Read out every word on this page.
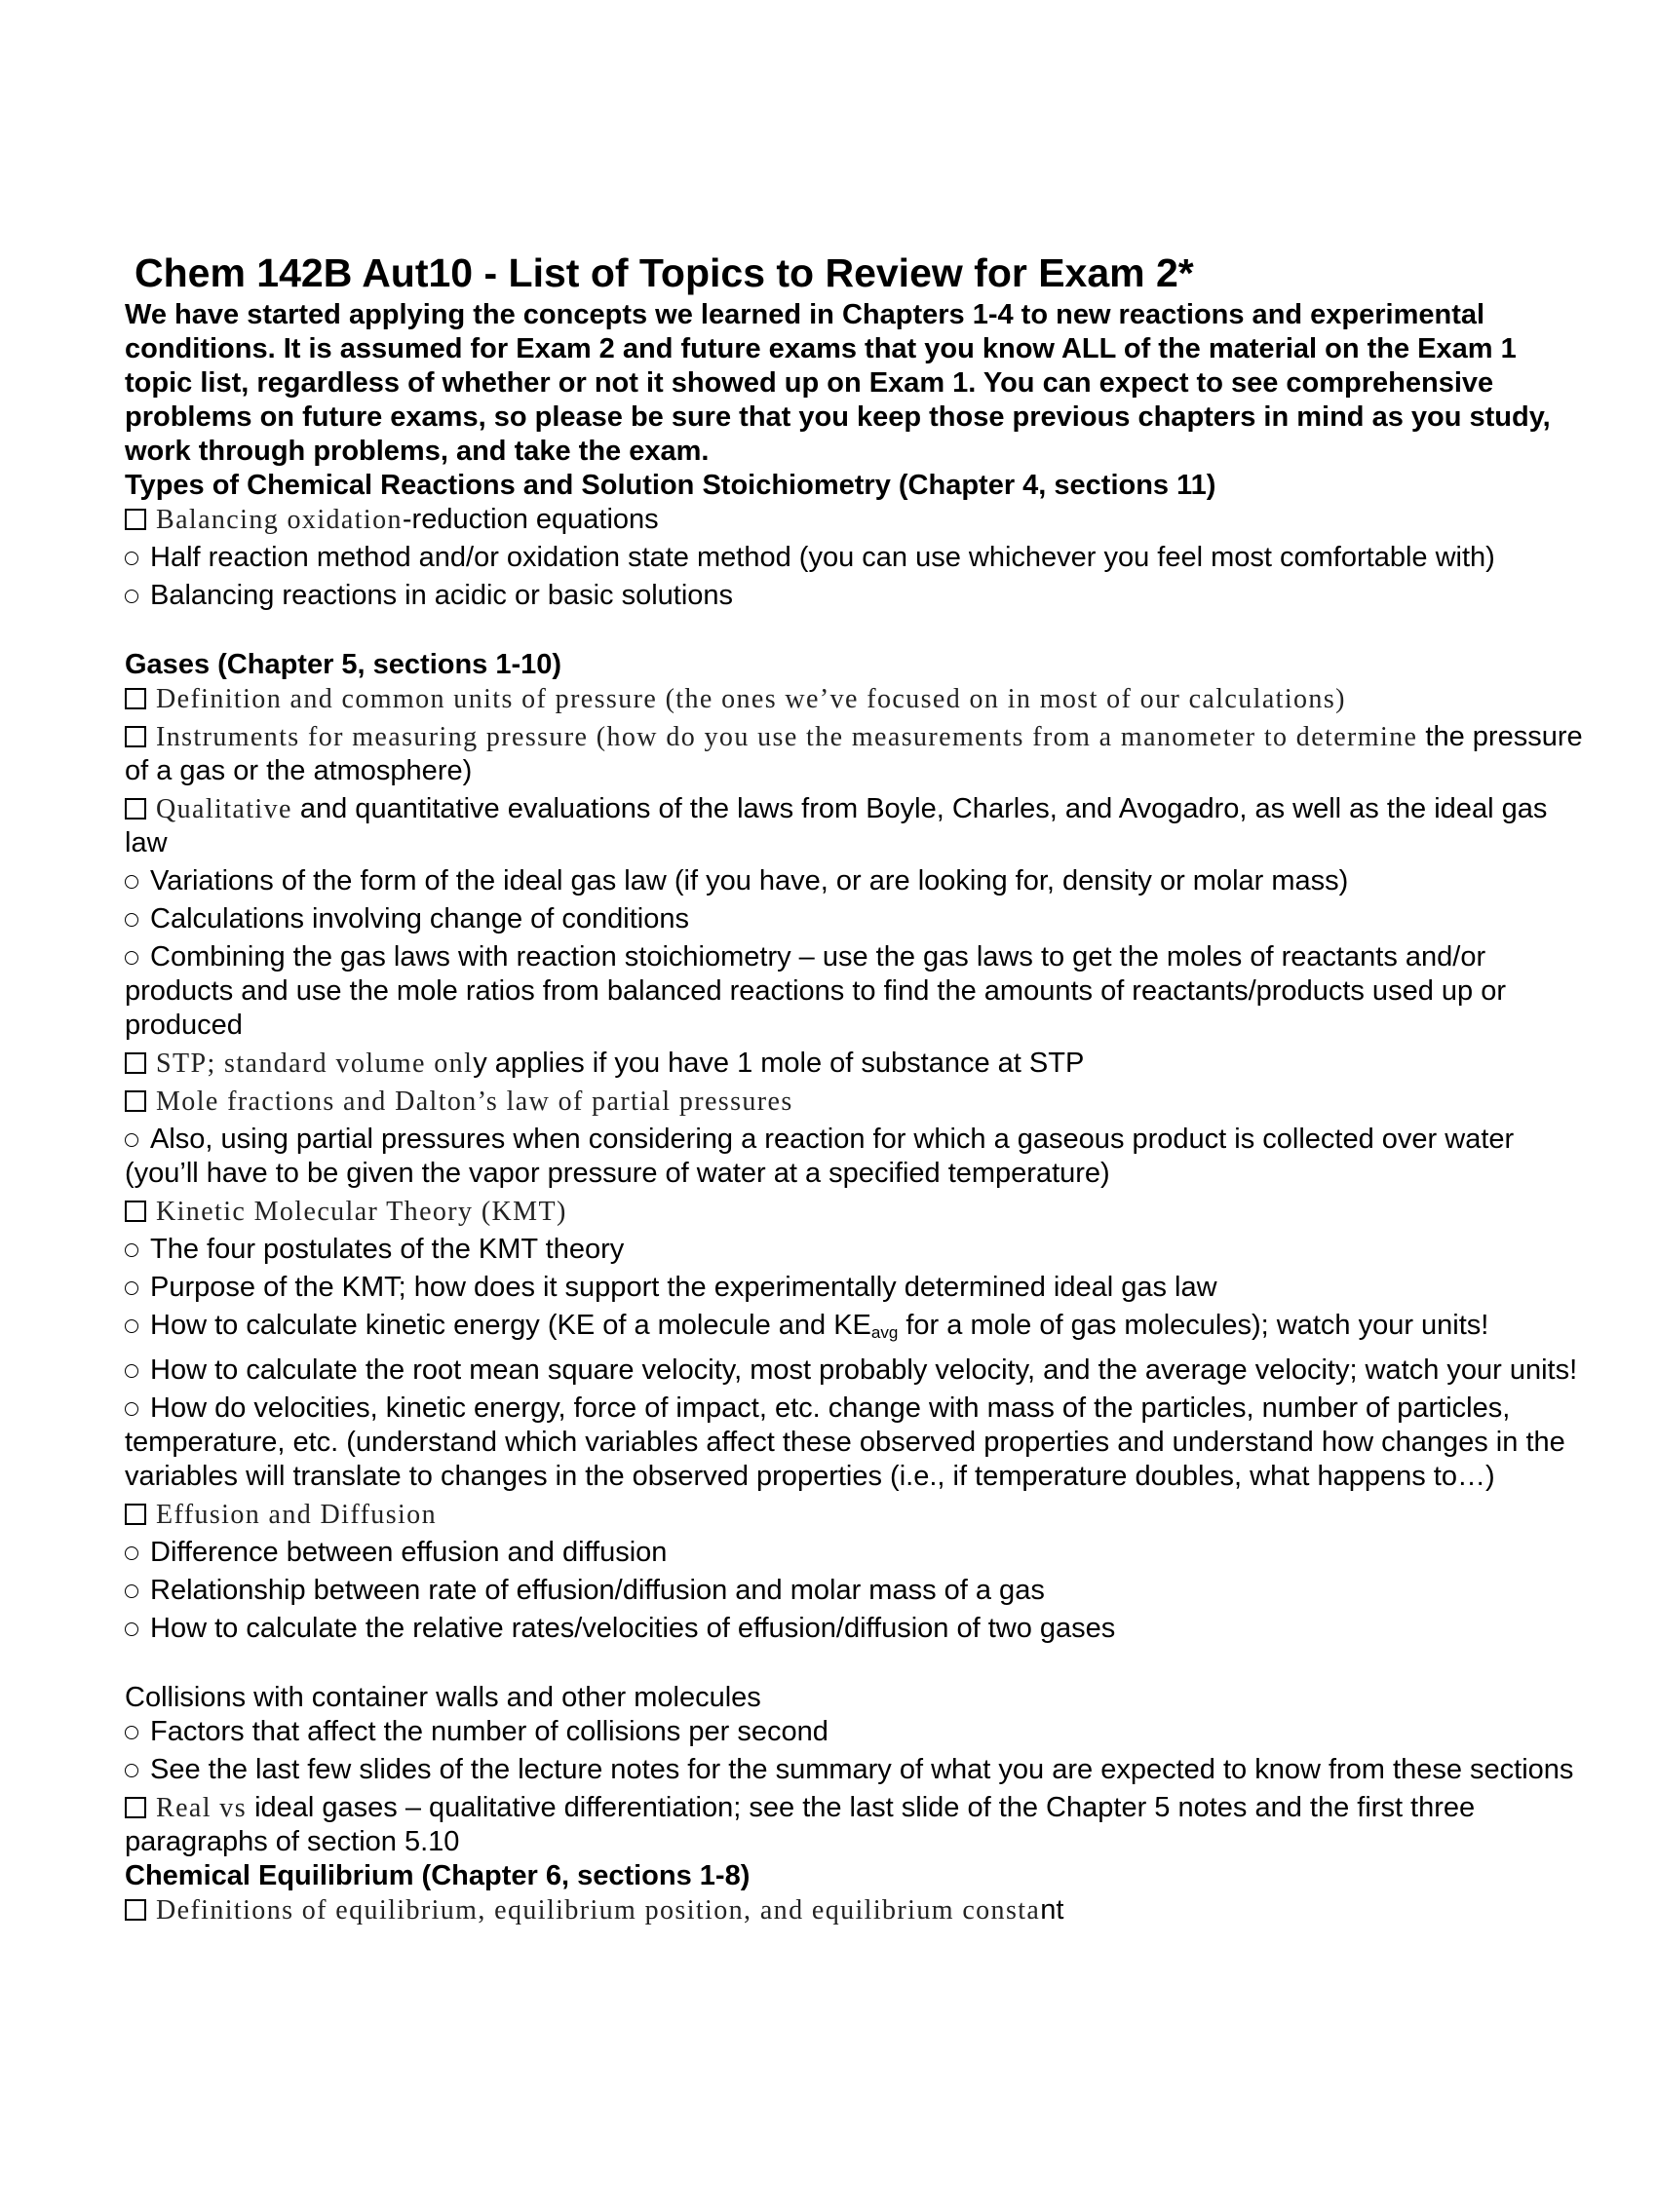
Chem 142B Aut10 - List of Topics to Review for Exam 2*
We have started applying the concepts we learned in Chapters 1-4 to new reactions and experimental conditions. It is assumed for Exam 2 and future exams that you know ALL of the material on the Exam 1 topic list, regardless of whether or not it showed up on Exam 1. You can expect to see comprehensive problems on future exams, so please be sure that you keep those previous chapters in mind as you study, work through problems, and take the exam.
Types of Chemical Reactions and Solution Stoichiometry (Chapter 4, sections 11)
Balancing oxidation-reduction equations
Half reaction method and/or oxidation state method (you can use whichever you feel most comfortable with)
Balancing reactions in acidic or basic solutions
Gases (Chapter 5, sections 1-10)
Definition and common units of pressure (the ones we’ve focused on in most of our calculations)
Instruments for measuring pressure (how do you use the measurements from a manometer to determine the pressure of a gas or the atmosphere)
Qualitative and quantitative evaluations of the laws from Boyle, Charles, and Avogadro, as well as the ideal gas law
Variations of the form of the ideal gas law (if you have, or are looking for, density or molar mass)
Calculations involving change of conditions
Combining the gas laws with reaction stoichiometry – use the gas laws to get the moles of reactants and/or products and use the mole ratios from balanced reactions to find the amounts of reactants/products used up or produced
STP; standard volume only applies if you have 1 mole of substance at STP
Mole fractions and Dalton’s law of partial pressures
Also, using partial pressures when considering a reaction for which a gaseous product is collected over water (you’ll have to be given the vapor pressure of water at a specified temperature)
Kinetic Molecular Theory (KMT)
The four postulates of the KMT theory
Purpose of the KMT; how does it support the experimentally determined ideal gas law
How to calculate kinetic energy (KE of a molecule and $KE_{avg}$ for a mole of gas molecules); watch your units!
How to calculate the root mean square velocity, most probably velocity, and the average velocity; watch your units!
How do velocities, kinetic energy, force of impact, etc. change with mass of the particles, number of particles, temperature, etc. (understand which variables affect these observed properties and understand how changes in the variables will translate to changes in the observed properties (i.e., if temperature doubles, what happens to…)
Effusion and Diffusion
Difference between effusion and diffusion
Relationship between rate of effusion/diffusion and molar mass of a gas
How to calculate the relative rates/velocities of effusion/diffusion of two gases
Collisions with container walls and other molecules
Factors that affect the number of collisions per second
See the last few slides of the lecture notes for the summary of what you are expected to know from these sections
Real vs ideal gases – qualitative differentiation; see the last slide of the Chapter 5 notes and the first three paragraphs of section 5.10
Chemical Equilibrium (Chapter 6, sections 1-8)
Definitions of equilibrium, equilibrium position, and equilibrium constant
